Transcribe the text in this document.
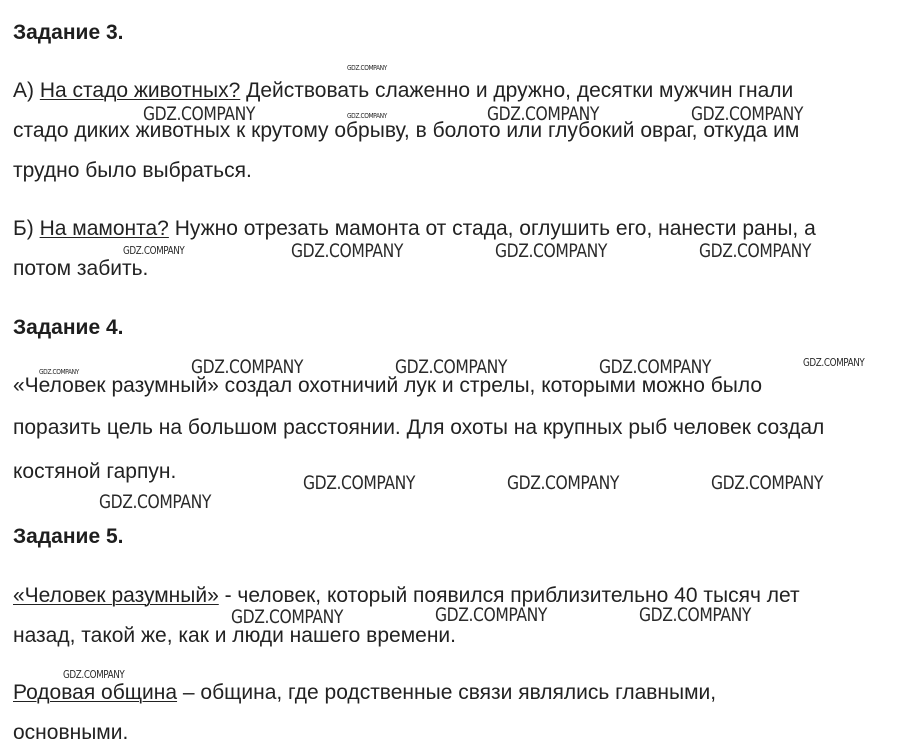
Задание 3.
А) На стадо животных? Действовать слаженно и дружно, десятки мужчин гнали
стадо диких животных к крутому обрыву, в болото или глубокий овраг, откуда им
трудно было выбраться.
Б) На мамонта? Нужно отрезать мамонта от стада, оглушить его, нанести раны, а
потом забить.
Задание 4.
«Человек разумный» создал охотничий лук и стрелы, которыми можно было
поразить цель на большом расстоянии. Для охоты на крупных рыб человек создал
костяной гарпун.
Задание 5.
«Человек разумный» - человек, который появился приблизительно 40 тысяч лет
назад, такой же, как и люди нашего времени.
Родовая община – община, где родственные связи являлись главными,
основными.
GDZ.COMPANY
GDZ.COMPANY	GDZ.COMPANY	GDZ.COMPANY	GDZ.COMPANY
GDZ.COMPANY	GDZ.COMPANY	GDZ.COMPANY	GDZ.COMPANY
GDZ.COMPANY	GDZ.COMPANY	GDZ.COMPANY	GDZ.COMPANY	GDZ.COMPANY
GDZ.COMPANY	GDZ.COMPANY	GDZ.COMPANY
GDZ.COMPANY
GDZ.COMPANY	GDZ.COMPANY	GDZ.COMPANY
GDZ.COMPANY
